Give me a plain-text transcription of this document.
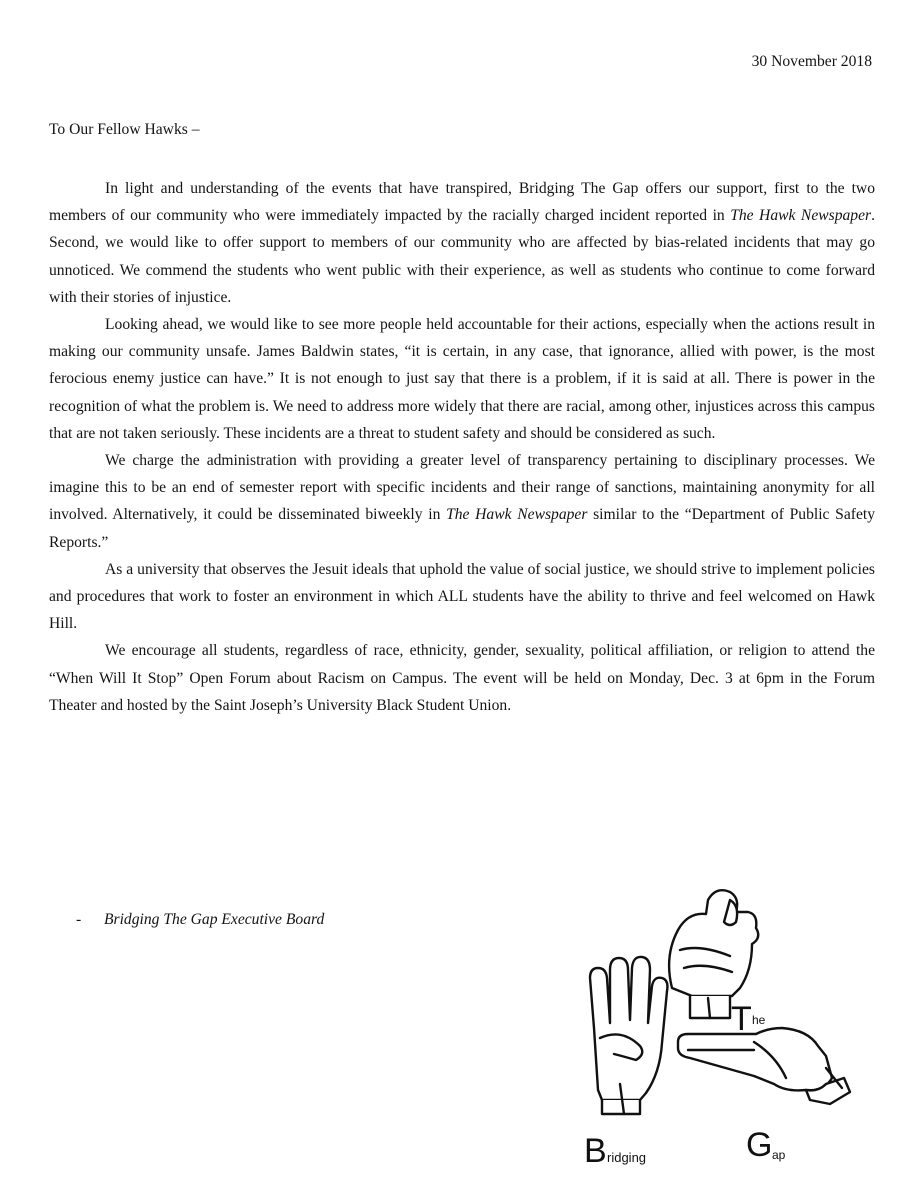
30 November 2018
To Our Fellow Hawks –

In light and understanding of the events that have transpired, Bridging The Gap offers our support, first to the two members of our community who were immediately impacted by the racially charged incident reported in The Hawk Newspaper. Second, we would like to offer support to members of our community who are affected by bias-related incidents that may go unnoticed. We commend the students who went public with their experience, as well as students who continue to come forward with their stories of injustice.

Looking ahead, we would like to see more people held accountable for their actions, especially when the actions result in making our community unsafe. James Baldwin states, “it is certain, in any case, that ignorance, allied with power, is the most ferocious enemy justice can have.” It is not enough to just say that there is a problem, if it is said at all. There is power in the recognition of what the problem is. We need to address more widely that there are racial, among other, injustices across this campus that are not taken seriously. These incidents are a threat to student safety and should be considered as such.

We charge the administration with providing a greater level of transparency pertaining to disciplinary processes. We imagine this to be an end of semester report with specific incidents and their range of sanctions, maintaining anonymity for all involved. Alternatively, it could be disseminated biweekly in The Hawk Newspaper similar to the “Department of Public Safety Reports.”

As a university that observes the Jesuit ideals that uphold the value of social justice, we should strive to implement policies and procedures that work to foster an environment in which ALL students have the ability to thrive and feel welcomed on Hawk Hill.

We encourage all students, regardless of race, ethnicity, gender, sexuality, political affiliation, or religion to attend the “When Will It Stop” Open Forum about Racism on Campus. The event will be held on Monday, Dec. 3 at 6pm in the Forum Theater and hosted by the Saint Joseph’s University Black Student Union.

- Bridging The Gap Executive Board
B ridging
T he
G ap
